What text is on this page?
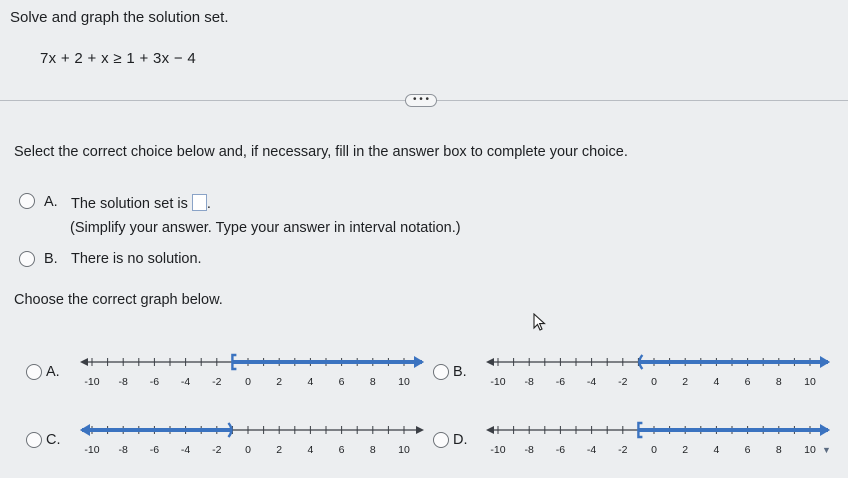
Solve and graph the solution set.
7x + 2 + x ≥ 1 + 3x − 4
• • •
Select the correct choice below and, if necessary, fill in the answer box to complete your choice.
A. The solution set is .
(Simplify your answer. Type your answer in interval notation.)
B. There is no solution.
Choose the correct graph below.
A.	B.
C.	D.
-10 -8 -6 -4 -2 0 2 4 6 8 10	-10 -8 -6 -4 -2 0 2 4 6 8 10
-10 -8 -6 -4 -2 0 2 4 6 8 10	-10 -8 -6 -4 -2 0 2 4 6 8 10 ▼
